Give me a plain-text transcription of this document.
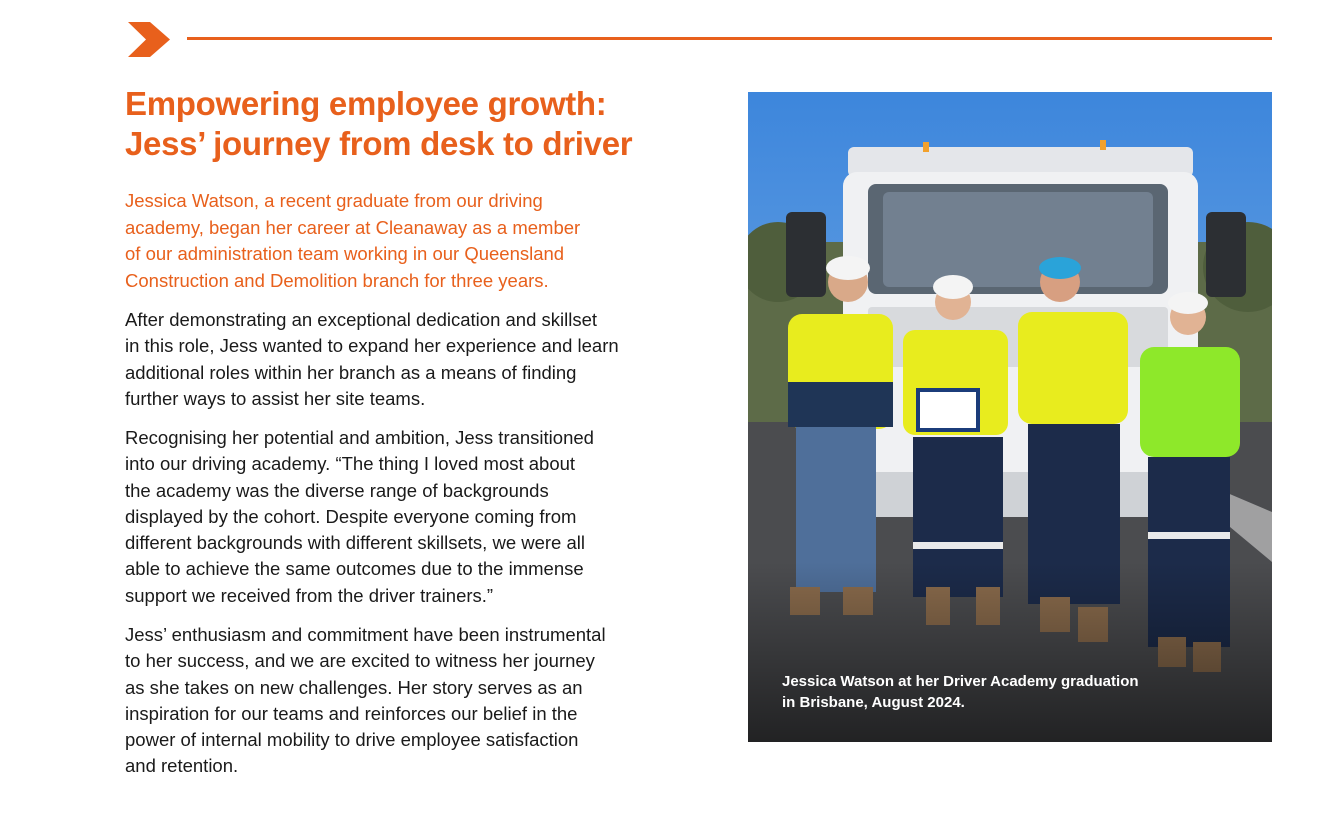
Empowering employee growth:
Jess’ journey from desk to driver
Jessica Watson, a recent graduate from our driving
academy, began her career at Cleanaway as a member
of our administration team working in our Queensland
Construction and Demolition branch for three years.
After demonstrating an exceptional dedication and skillset
in this role, Jess wanted to expand her experience and learn
additional roles within her branch as a means of finding
further ways to assist her site teams.
Recognising her potential and ambition, Jess transitioned
into our driving academy. “The thing I loved most about
the academy was the diverse range of backgrounds
displayed by the cohort. Despite everyone coming from
different backgrounds with different skillsets, we were all
able to achieve the same outcomes due to the immense
support we received from the driver trainers.”
Jess’ enthusiasm and commitment have been instrumental
to her success, and we are excited to witness her journey
as she takes on new challenges. Her story serves as an
inspiration for our teams and reinforces our belief in the
power of internal mobility to drive employee satisfaction
and retention.
Jessica Watson at her Driver Academy graduation
in Brisbane, August 2024.
